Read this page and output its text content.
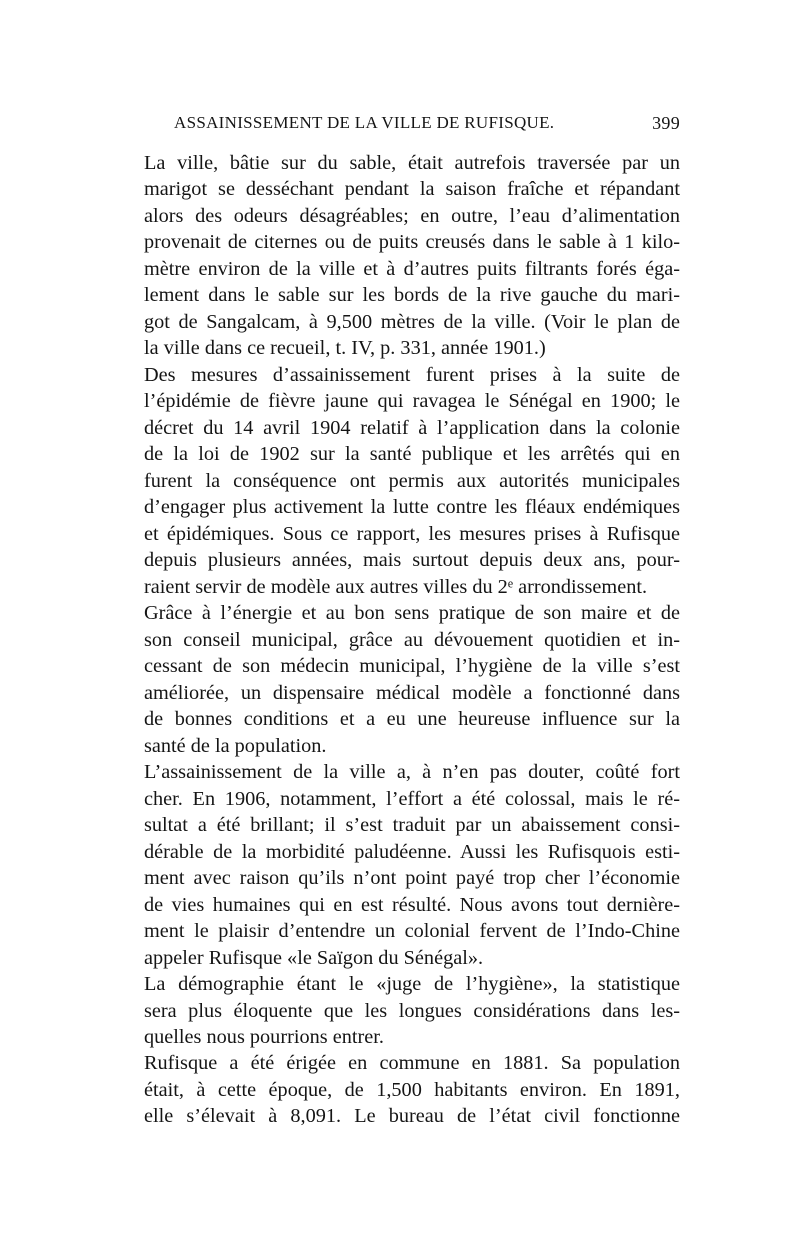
ASSAINISSEMENT DE LA VILLE DE RUFISQUE.	399

La ville, bâtie sur du sable, était autrefois traversée par un
marigot se desséchant pendant la saison fraîche et répandant
alors des odeurs désagréables; en outre, l’eau d’alimentation
provenait de citernes ou de puits creusés dans le sable à 1 kilo-
mètre environ de la ville et à d’autres puits filtrants forés éga-
lement dans le sable sur les bords de la rive gauche du mari-
got de Sangalcam, à 9,500 mètres de la ville. (Voir le plan de
la ville dans ce recueil, t. IV, p. 331, année 1901.)

Des mesures d’assainissement furent prises à la suite de
l’épidémie de fièvre jaune qui ravagea le Sénégal en 1900; le
décret du 14 avril 1904 relatif à l’application dans la colonie
de la loi de 1902 sur la santé publique et les arrêtés qui en
furent la conséquence ont permis aux autorités municipales
d’engager plus activement la lutte contre les fléaux endémiques
et épidémiques. Sous ce rapport, les mesures prises à Rufisque
depuis plusieurs années, mais surtout depuis deux ans, pour-
raient servir de modèle aux autres villes du 2ᵉ arrondissement.

Grâce à l’énergie et au bon sens pratique de son maire et de
son conseil municipal, grâce au dévouement quotidien et in-
cessant de son médecin municipal, l’hygiène de la ville s’est
améliorée, un dispensaire médical modèle a fonctionné dans
de bonnes conditions et a eu une heureuse influence sur la
santé de la population.

L’assainissement de la ville a, à n’en pas douter, coûté fort
cher. En 1906, notamment, l’effort a été colossal, mais le ré-
sultat a été brillant; il s’est traduit par un abaissement consi-
dérable de la morbidité paludéenne. Aussi les Rufisquois esti-
ment avec raison qu’ils n’ont point payé trop cher l’économie
de vies humaines qui en est résulté. Nous avons tout dernière-
ment le plaisir d’entendre un colonial fervent de l’Indo-Chine
appeler Rufisque «le Saïgon du Sénégal».

La démographie étant le «juge de l’hygiène», la statistique
sera plus éloquente que les longues considérations dans les-
quelles nous pourrions entrer.

Rufisque a été érigée en commune en 1881. Sa population
était, à cette époque, de 1,500 habitants environ. En 1891,
elle s’élevait à 8,091. Le bureau de l’état civil fonctionne
